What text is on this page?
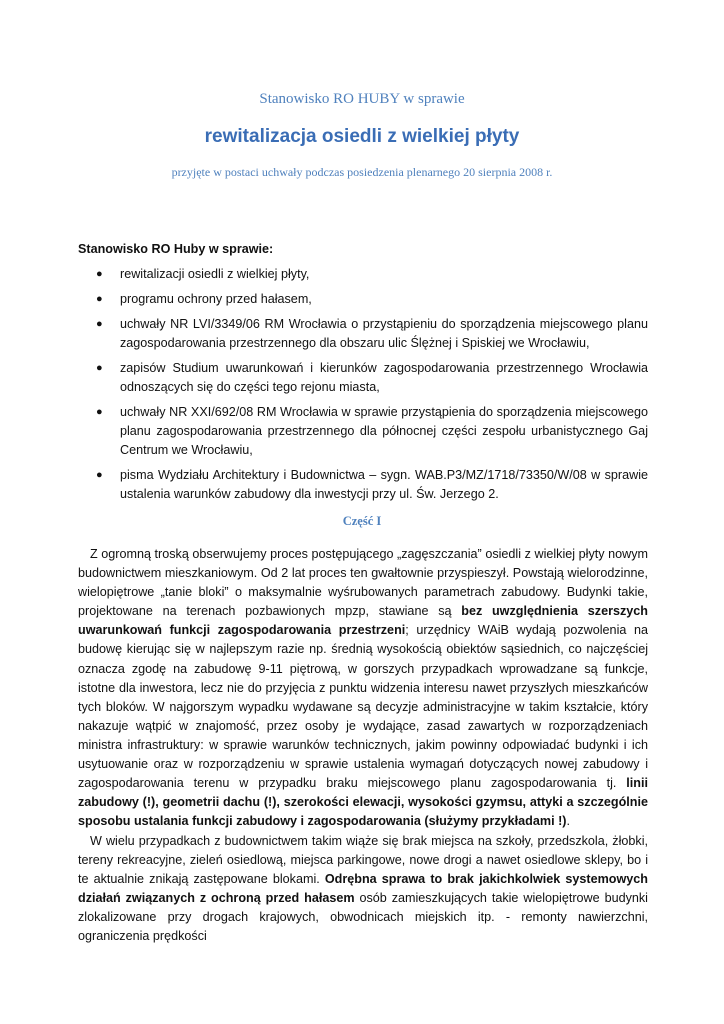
Stanowisko RO HUBY w sprawie
rewitalizacja osiedli z wielkiej płyty
przyjęte w postaci uchwały podczas posiedzenia plenarnego 20 sierpnia 2008 r.
Stanowisko RO Huby w sprawie:
● rewitalizacji osiedli z wielkiej płyty,
● programu ochrony przed hałasem,
● uchwały NR LVI/3349/06 RM Wrocławia o przystąpieniu do sporządzenia miejscowego planu zagospodarowania przestrzennego dla obszaru ulic Ślężnej i Spiskiej we Wrocławiu,
● zapisów Studium uwarunkowań i kierunków zagospodarowania przestrzennego Wrocławia odnoszących się do części tego rejonu miasta,
● uchwały NR XXI/692/08 RM Wrocławia w sprawie przystąpienia do sporządzenia miejscowego planu zagospodarowania przestrzennego dla północnej części zespołu urbanistycznego Gaj Centrum we Wrocławiu,
● pisma Wydziału Architektury i Budownictwa – sygn. WAB.P3/MZ/1718/73350/W/08 w sprawie ustalenia warunków zabudowy dla inwestycji przy ul. Św. Jerzego 2.
Część I

Z ogromną troską obserwujemy proces postępującego „zagęszczania” osiedli z wielkiej płyty nowym budownictwem mieszkaniowym. Od 2 lat proces ten gwałtownie przyspieszył. Powstają wielorodzinne, wielopiętrowe „tanie bloki” o maksymalnie wyśrubowanych parametrach zabudowy. Budynki takie, projektowane na terenach pozbawionych mpzp, stawiane są bez uwzględnienia szerszych uwarunkowań funkcji zagospodarowania przestrzeni; urzędnicy WAiB wydają pozwolenia na budowę kierując się w najlepszym razie np. średnią wysokością obiektów sąsiednich, co najczęściej oznacza zgodę na zabudowę 9-11 piętrową, w gorszych przypadkach wprowadzane są funkcje, istotne dla inwestora, lecz nie do przyjęcia z punktu widzenia interesu nawet przyszłych mieszkańców tych bloków. W najgorszym wypadku wydawane są decyzje administracyjne w takim kształcie, który nakazuje wątpić w znajomość, przez osoby je wydające, zasad zawartych w rozporządzeniach ministra infrastruktury: w sprawie warunków technicznych, jakim powinny odpowiadać budynki i ich usytuowanie oraz w rozporządzeniu w sprawie ustalenia wymagań dotyczących nowej zabudowy i zagospodarowania terenu w przypadku braku miejscowego planu zagospodarowania tj. linii zabudowy (!), geometrii dachu (!), szerokości elewacji, wysokości gzymsu, attyki a szczególnie sposobu ustalania funkcji zabudowy i zagospodarowania (służymy przykładami !).

W wielu przypadkach z budownictwem takim wiąże się brak miejsca na szkoły, przedszkola, żłobki, tereny rekreacyjne, zieleń osiedlową, miejsca parkingowe, nowe drogi a nawet osiedlowe sklepy, bo i te aktualnie znikają zastępowane blokami. Odrębna sprawa to brak jakichkolwiek systemowych działań związanych z ochroną przed hałasem osób zamieszkujących takie wielopiętrowe budynki zlokalizowane przy drogach krajowych, obwodnicach miejskich itp. - remonty nawierzchni, ograniczenia prędkości
